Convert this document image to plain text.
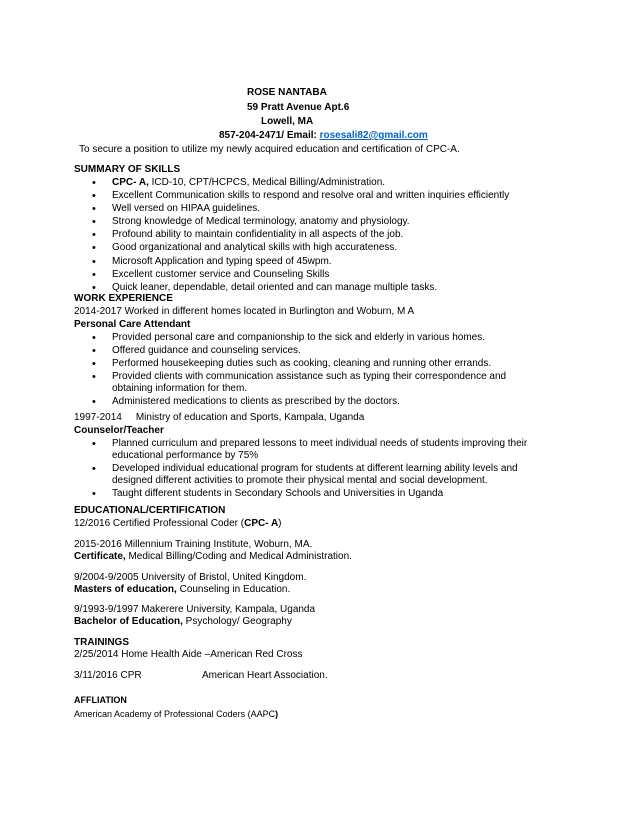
ROSE NANTABA
59 Pratt Avenue Apt.6
Lowell, MA
857-204-2471/ Email: rosesali82@gmail.com
To secure a position to utilize my newly acquired education and certification of CPC-A.
SUMMARY OF SKILLS
• CPC- A, ICD-10, CPT/HCPCS, Medical Billing/Administration.
• Excellent Communication skills to respond and resolve oral and written inquiries efficiently
• Well versed on HIPAA guidelines.
• Strong knowledge of Medical terminology, anatomy and physiology.
• Profound ability to maintain confidentiality in all aspects of the job.
• Good organizational and analytical skills with high accurateness.
• Microsoft Application and typing speed of 45wpm.
• Excellent customer service and Counseling Skills
• Quick leaner, dependable, detail oriented and can manage multiple tasks.
WORK EXPERIENCE
2014-2017 Worked in different homes located in Burlington and Woburn, M A
Personal Care Attendant
• Provided personal care and companionship to the sick and elderly in various homes.
• Offered guidance and counseling services.
• Performed housekeeping duties such as cooking, cleaning and running other errands.
• Provided clients with communication assistance such as typing their correspondence and obtaining information for them.
• Administered medications to clients as prescribed by the doctors.
1997-2014 Ministry of education and Sports, Kampala, Uganda
Counselor/Teacher
• Planned curriculum and prepared lessons to meet individual needs of students improving their educational performance by 75%
• Developed individual educational program for students at different learning ability levels and designed different activities to promote their physical mental and social development.
• Taught different students in Secondary Schools and Universities in Uganda
EDUCATIONAL/CERTIFICATION
12/2016 Certified Professional Coder (CPC- A)
2015-2016 Millennium Training Institute, Woburn, MA.
Certificate, Medical Billing/Coding and Medical Administration.
9/2004-9/2005 University of Bristol, United Kingdom.
Masters of education, Counseling in Education.
9/1993-9/1997 Makerere University, Kampala, Uganda
Bachelor of Education, Psychology/ Geography
TRAININGS
2/25/2014 Home Health Aide –American Red Cross
3/11/2016 CPR	American Heart Association.
AFFLIATION
American Academy of Professional Coders (AAPC)
